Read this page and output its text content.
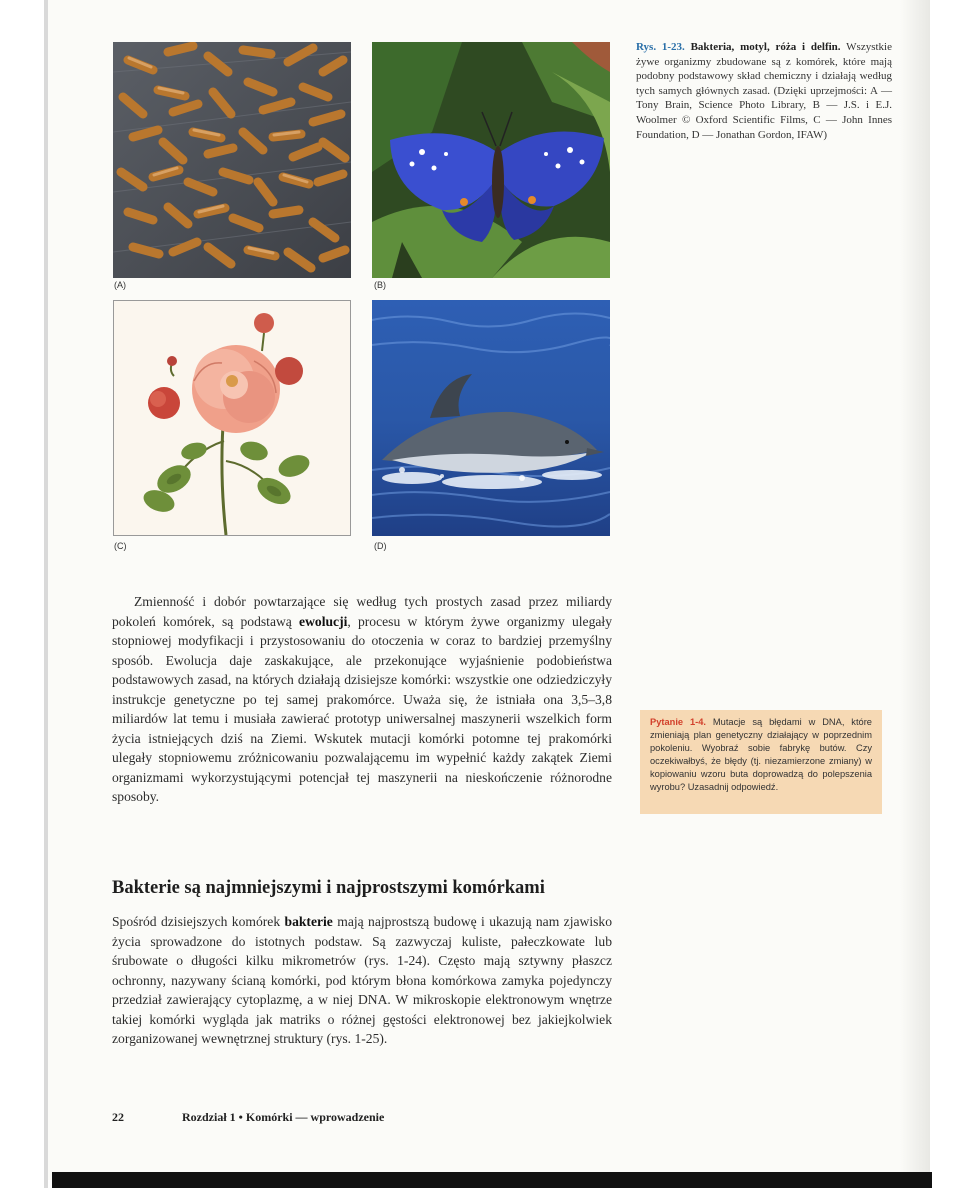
(A)	(B)
(C)	(D)
Rys. 1-23. Bakteria, motyl, róża i delfin. Wszystkie żywe organizmy zbudowane są z komórek, które mają podobny podstawowy skład chemiczny i działają według tych samych głównych zasad. (Dzięki uprzejmości: A — Tony Brain, Science Photo Library, B — J.S. i E.J. Woolmer © Oxford Scientific Films, C — John Innes Foundation, D — Jonathan Gordon, IFAW)
Zmienność i dobór powtarzające się według tych prostych zasad przez miliardy pokoleń komórek, są podstawą ewolucji, procesu w którym żywe organizmy ulegały stopniowej modyfikacji i przystosowaniu do otoczenia w coraz to bardziej przemyślny sposób. Ewolucja daje zaskakujące, ale przekonujące wyjaśnienie podobieństwa podstawowych zasad, na których działają dzisiejsze komórki: wszystkie one odziedziczyły instrukcje genetyczne po tej samej prakomórce. Uważa się, że istniała ona 3,5–3,8 miliardów lat temu i musiała zawierać prototyp uniwersalnej maszynerii wszelkich form życia istniejących dziś na Ziemi. Wskutek mutacji komórki potomne tej prakomórki ulegały stopniowemu zróżnicowaniu pozwalającemu im wypełnić każdy zakątek Ziemi organizmami wykorzystującymi potencjał tej maszynerii na nieskończenie różnorodne sposoby.
Pytanie 1-4. Mutacje są błędami w DNA, które zmieniają plan genetyczny działający w poprzednim pokoleniu. Wyobraź sobie fabrykę butów. Czy oczekiwałbyś, że błędy (tj. niezamierzone zmiany) w kopiowaniu wzoru buta doprowadzą do polepszenia wyrobu? Uzasadnij odpowiedź.
Bakterie są najmniejszymi i najprostszymi komórkami
Spośród dzisiejszych komórek bakterie mają najprostszą budowę i ukazują nam zjawisko życia sprowadzone do istotnych podstaw. Są zazwyczaj kuliste, pałeczkowate lub śrubowate o długości kilku mikrometrów (rys. 1-24). Często mają sztywny płaszcz ochronny, nazywany ścianą komórki, pod którym błona komórkowa zamyka pojedynczy przedział zawierający cytoplazmę, a w niej DNA. W mikroskopie elektronowym wnętrze takiej komórki wygląda jak matriks o różnej gęstości elektronowej bez jakiejkolwiek zorganizowanej wewnętrznej struktury (rys. 1-25).
22	Rozdział 1 • Komórki — wprowadzenie
